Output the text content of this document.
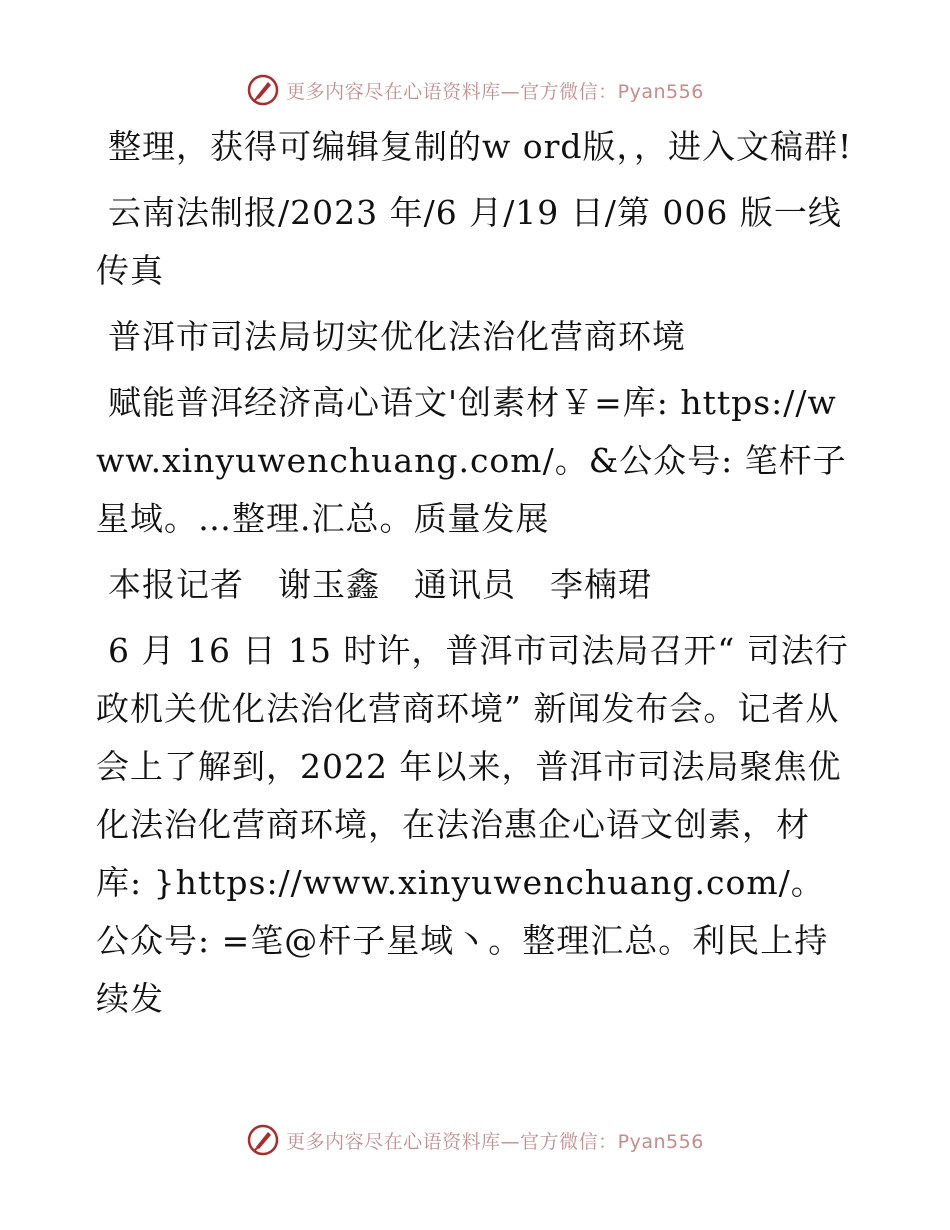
更多内容尽在心语资料库—官方微信：Pyan556

整理，获得可编辑复制的w ord版，，进入文稿群!

云南法制报/2023 年/6 月/19 日/第 006 版一线传真

普洱市司法局切实优化法治化营商环境

赋能普洱经济高心语文'创素材￥=库: https://www.xinyuwenchuang.com/。&公众号: 笔杆子星域。…整理.汇总。质量发展

本报记者　谢玉鑫　通讯员　李楠珺

6 月 16 日 15 时许，普洱市司法局召开“ 司法行政机关优化法治化营商环境” 新闻发布会。记者从会上了解到，2022 年以来，普洱市司法局聚焦优化法治化营商环境，在法治惠企心语文创素，材库: }https://www.xinyuwenchuang.com/。公众号: =笔@杆子星域丶。整理汇总。利民上持续发

更多内容尽在心语资料库—官方微信：Pyan556
